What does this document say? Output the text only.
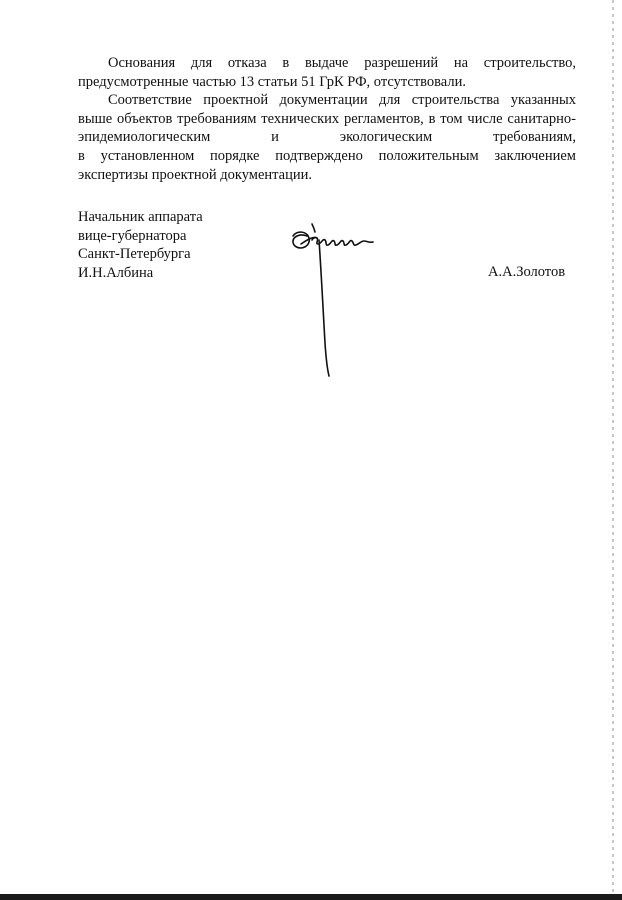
Основания для отказа в выдаче разрешений на строительство,
предусмотренные частью 13 статьи 51 ГрК РФ, отсутствовали.
Соответствие проектной документации для строительства указанных
выше объектов требованиям технических регламентов, в том числе санитарно-
эпидемиологическим и экологическим требованиям,
в установленном порядке подтверждено положительным заключением
экспертизы проектной документации.
Начальник аппарата
вице-губернатора
Санкт-Петербурга
И.Н.Албина	А.А.Золотов
